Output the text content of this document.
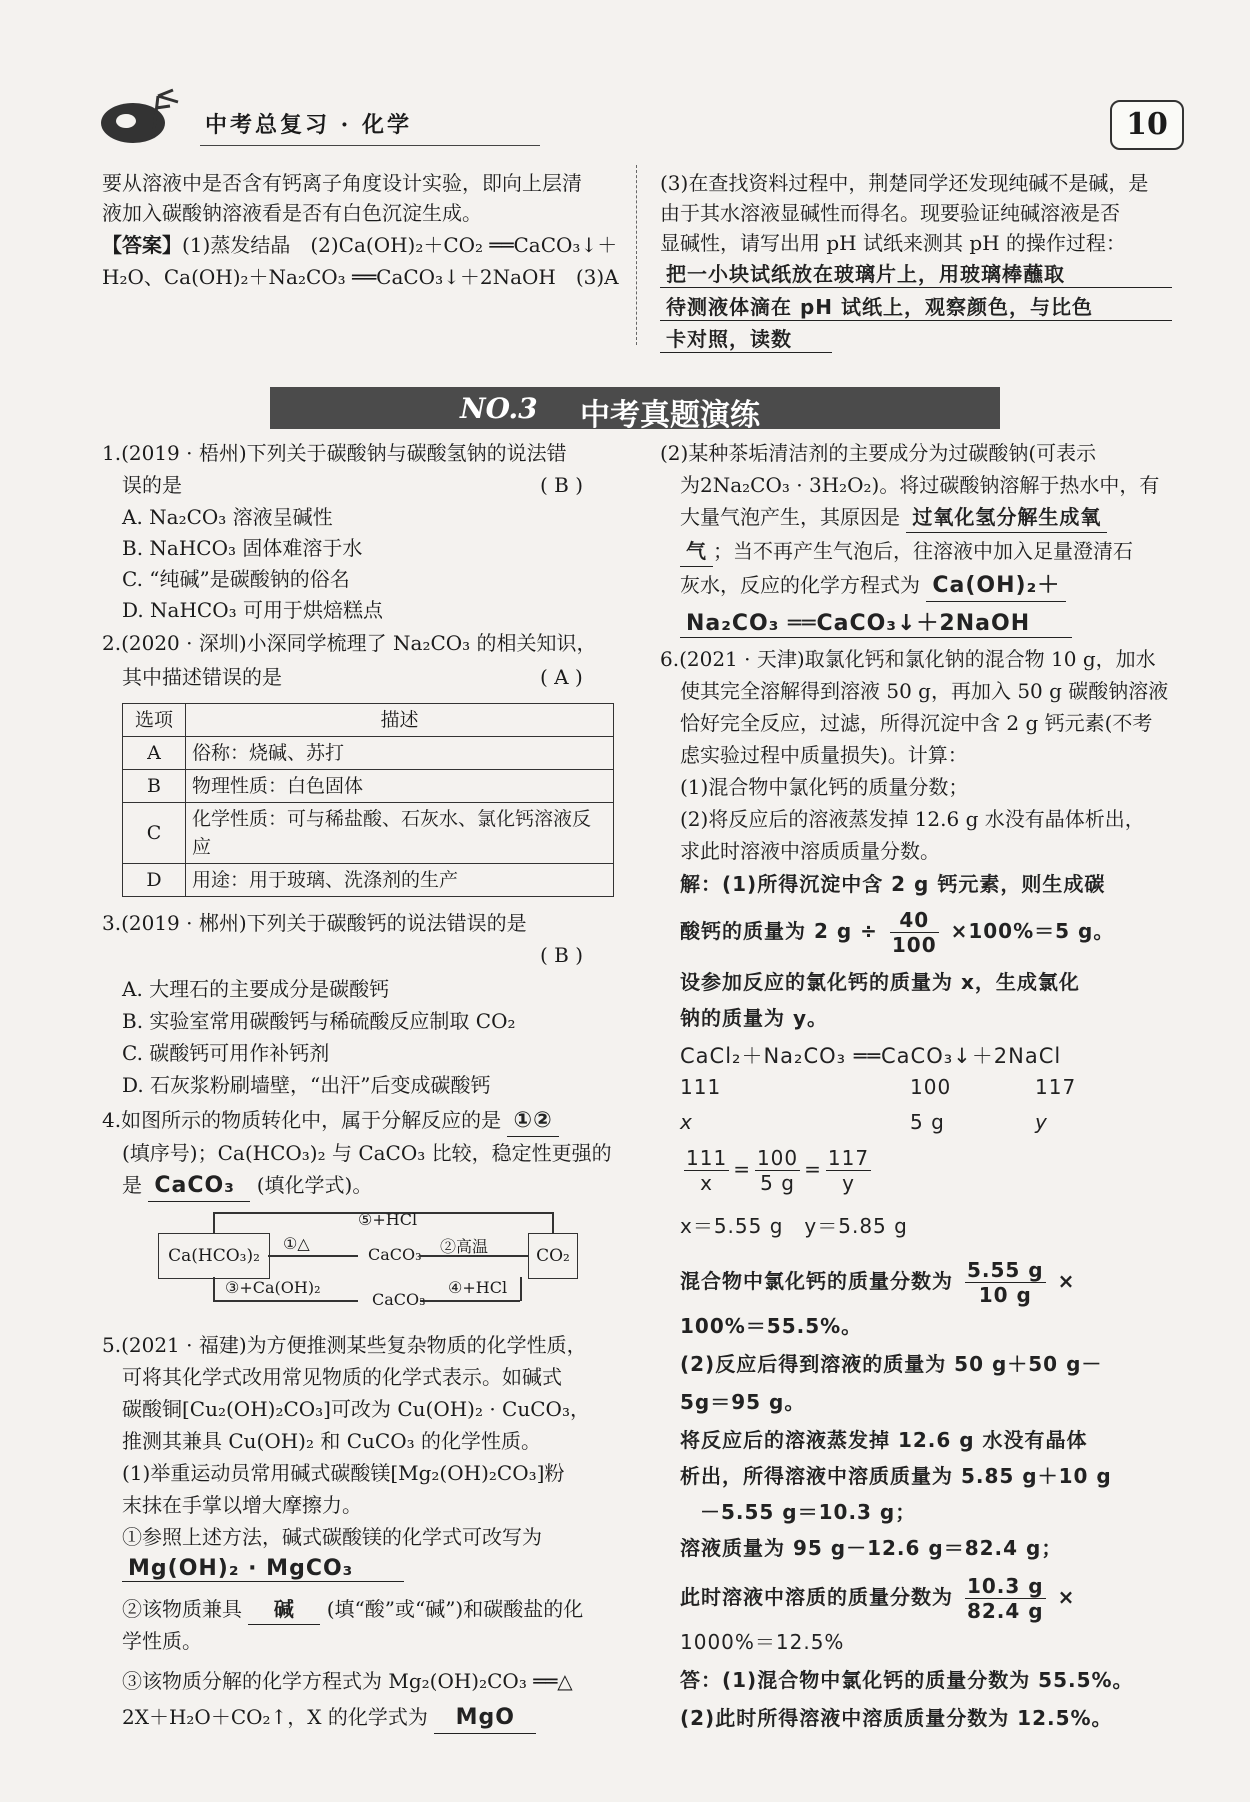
中考总复习 · 化学	10
要从溶液中是否含有钙离子角度设计实验，即向上层清
液加入碳酸钠溶液看是否有白色沉淀生成。
【答案】(1)蒸发结晶　(2)Ca(OH)₂＋CO₂ ══CaCO₃↓＋
H₂O、Ca(OH)₂＋Na₂CO₃ ══CaCO₃↓＋2NaOH　(3)A
(3)在查找资料过程中，荆楚同学还发现纯碱不是碱，是
由于其水溶液显碱性而得名。现要验证纯碱溶液是否
显碱性，请写出用 pH 试纸来测其 pH 的操作过程：
把一小块试纸放在玻璃片上，用玻璃棒蘸取
待测液体滴在 pH 试纸上，观察颜色，与比色
卡对照，读数
NO.3 中考真题演练
1.(2019 · 梧州)下列关于碳酸钠与碳酸氢钠的说法错
误的是	( B )
A. Na₂CO₃ 溶液呈碱性
B. NaHCO₃ 固体难溶于水
C. “纯碱”是碳酸钠的俗名
D. NaHCO₃ 可用于烘焙糕点
2.(2020 · 深圳)小深同学梳理了 Na₂CO₃ 的相关知识，
其中描述错误的是	( A )
选项	描述
A	俗称：烧碱、苏打
B	物理性质：白色固体
C	化学性质：可与稀盐酸、石灰水、氯化钙溶液反应
D	用途：用于玻璃、洗涤剂的生产
3.(2019 · 郴州)下列关于碳酸钙的说法错误的是
( B )
A. 大理石的主要成分是碳酸钙
B. 实验室常用碳酸钙与稀硫酸反应制取 CO₂
C. 碳酸钙可用作补钙剂
D. 石灰浆粉刷墙壁，“出汗”后变成碳酸钙
4.如图所示的物质转化中，属于分解反应的是 ①②
(填序号)；Ca(HCO₃)₂ 与 CaCO₃ 比较，稳定性更强的
是 CaCO₃ (填化学式)。
Ca(HCO₃)₂	CO₂
⑤+HCl
①△
CaCO₃ ②高温
③+Ca(OH)₂
CaCO₃
④+HCl
5.(2021 · 福建)为方便推测某些复杂物质的化学性质，
可将其化学式改用常见物质的化学式表示。如碱式
碳酸铜[Cu₂(OH)₂CO₃]可改为 Cu(OH)₂ · CuCO₃，
推测其兼具 Cu(OH)₂ 和 CuCO₃ 的化学性质。
(1)举重运动员常用碱式碳酸镁[Mg₂(OH)₂CO₃]粉
末抹在手掌以增大摩擦力。
①参照上述方法，碱式碳酸镁的化学式可改写为
Mg(OH)₂ · MgCO₃
②该物质兼具 碱 (填“酸”或“碱”)和碳酸盐的化
学性质。
③该物质分解的化学方程式为 Mg₂(OH)₂CO₃ ══△
2X＋H₂O＋CO₂↑，X 的化学式为 MgO
(2)某种茶垢清洁剂的主要成分为过碳酸钠(可表示
为2Na₂CO₃ · 3H₂O₂)。将过碳酸钠溶解于热水中，有
大量气泡产生，其原因是 过氧化氢分解生成氧
气 ；当不再产生气泡后，往溶液中加入足量澄清石
灰水，反应的化学方程式为 Ca(OH)₂＋
Na₂CO₃ ══CaCO₃↓＋2NaOH
6.(2021 · 天津)取氯化钙和氯化钠的混合物 10 g，加水
使其完全溶解得到溶液 50 g，再加入 50 g 碳酸钠溶液
恰好完全反应，过滤，所得沉淀中含 2 g 钙元素(不考
虑实验过程中质量损失)。计算：
(1)混合物中氯化钙的质量分数；
(2)将反应后的溶液蒸发掉 12.6 g 水没有晶体析出，
求此时溶液中溶质质量分数。
解：(1)所得沉淀中含 2 g 钙元素，则生成碳
酸钙的质量为 2 $g \div \frac{40}{100} \times 100\%=5$ g。
设参加反应的氯化钙的质量为 x，生成氯化
钠的质量为 y。
CaCl₂＋Na₂CO₃ ══CaCO₃↓＋2NaCl
111	100	117
x	5 g	y
$\frac{111}{x} = \frac{100}{5 g} = \frac{117}{y}$
x＝5.55 g　y＝5.85 g
混合物中氯化钙的质量分数为 $\frac{5.55 g}{10 g}$ ×
100%＝55.5%。
(2)反应后得到溶液的质量为 50 g＋50 g－
5g＝95 g。
将反应后的溶液蒸发掉 12.6 g 水没有晶体
析出，所得溶液中溶质质量为 5.85 g＋10 g
－5.55 g＝10.3 g；
溶液质量为 95 g－12.6 g＝82.4 g；
此时溶液中溶质的质量分数为 $\frac{10.3 g}{82.4 g}$ ×
1000%＝12.5%
答：(1)混合物中氯化钙的质量分数为 55.5%。
(2)此时所得溶液中溶质质量分数为 12.5%。
